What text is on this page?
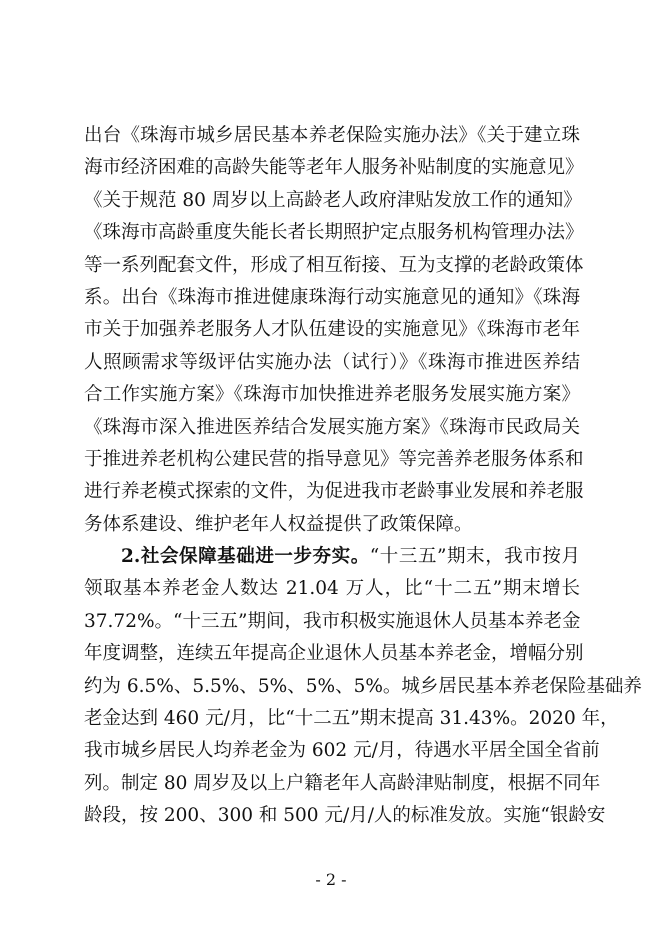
出台《珠海市城乡居民基本养老保险实施办法》《关于建立珠
海市经济困难的高龄失能等老年人服务补贴制度的实施意见》
《关于规范 80 周岁以上高龄老人政府津贴发放工作的通知》
《珠海市高龄重度失能长者长期照护定点服务机构管理办法》
等一系列配套文件，形成了相互衔接、互为支撑的老龄政策体
系。出台《珠海市推进健康珠海行动实施意见的通知》《珠海
市关于加强养老服务人才队伍建设的实施意见》《珠海市老年
人照顾需求等级评估实施办法（试行）》《珠海市推进医养结
合工作实施方案》《珠海市加快推进养老服务发展实施方案》
《珠海市深入推进医养结合发展实施方案》《珠海市民政局关
于推进养老机构公建民营的指导意见》等完善养老服务体系和
进行养老模式探索的文件，为促进我市老龄事业发展和养老服
务体系建设、维护老年人权益提供了政策保障。
2.社会保障基础进一步夯实。“十三五”期末，我市按月
领取基本养老金人数达 21.04 万人，比“十二五”期末增长
37.72%。“十三五”期间，我市积极实施退休人员基本养老金
年度调整，连续五年提高企业退休人员基本养老金，增幅分别
约为 6.5%、5.5%、5%、5%、5%。城乡居民基本养老保险基础养
老金达到 460 元/月，比“十二五”期末提高 31.43%。2020 年，
我市城乡居民人均养老金为 602 元/月，待遇水平居全国全省前
列。制定 80 周岁及以上户籍老年人高龄津贴制度，根据不同年
龄段，按 200、300 和 500 元/月/人的标准发放。实施“银龄安
- 2 -
